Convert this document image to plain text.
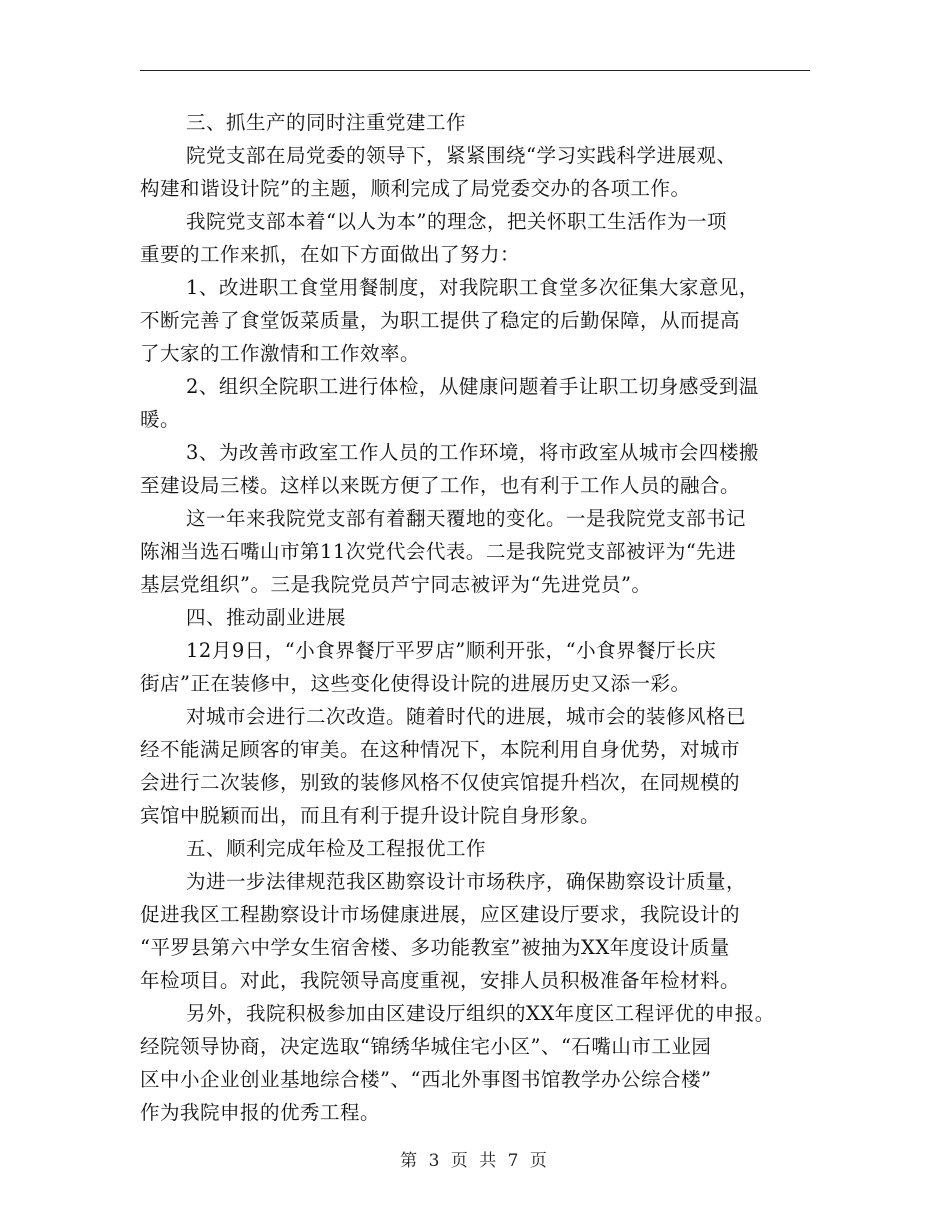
三、抓生产的同时注重党建工作
院党支部在局党委的领导下，紧紧围绕“学习实践科学进展观、
构建和谐设计院”的主题，顺利完成了局党委交办的各项工作。
我院党支部本着“以人为本”的理念，把关怀职工生活作为一项
重要的工作来抓，在如下方面做出了努力：
1、改进职工食堂用餐制度，对我院职工食堂多次征集大家意见，
不断完善了食堂饭菜质量，为职工提供了稳定的后勤保障，从而提高
了大家的工作激情和工作效率。
2、组织全院职工进行体检，从健康问题着手让职工切身感受到温
暖。
3、为改善市政室工作人员的工作环境，将市政室从城市会四楼搬
至建设局三楼。这样以来既方便了工作，也有利于工作人员的融合。
这一年来我院党支部有着翻天覆地的变化。一是我院党支部书记
陈湘当选石嘴山市第11次党代会代表。二是我院党支部被评为“先进
基层党组织”。三是我院党员芦宁同志被评为“先进党员”。
四、推动副业进展
12月9日，“小食界餐厅平罗店”顺利开张，“小食界餐厅长庆
街店”正在装修中，这些变化使得设计院的进展历史又添一彩。
对城市会进行二次改造。随着时代的进展，城市会的装修风格已
经不能满足顾客的审美。在这种情况下，本院利用自身优势，对城市
会进行二次装修，别致的装修风格不仅使宾馆提升档次，在同规模的
宾馆中脱颖而出，而且有利于提升设计院自身形象。
五、顺利完成年检及工程报优工作
为进一步法律规范我区勘察设计市场秩序，确保勘察设计质量，
促进我区工程勘察设计市场健康进展，应区建设厅要求，我院设计的
“平罗县第六中学女生宿舍楼、多功能教室”被抽为XX年度设计质量
年检项目。对此，我院领导高度重视，安排人员积极准备年检材料。
另外，我院积极参加由区建设厅组织的XX年度区工程评优的申报。
经院领导协商，决定选取“锦绣华城住宅小区”、“石嘴山市工业园
区中小企业创业基地综合楼”、“西北外事图书馆教学办公综合楼”
作为我院申报的优秀工程。
第 3 页 共 7 页
